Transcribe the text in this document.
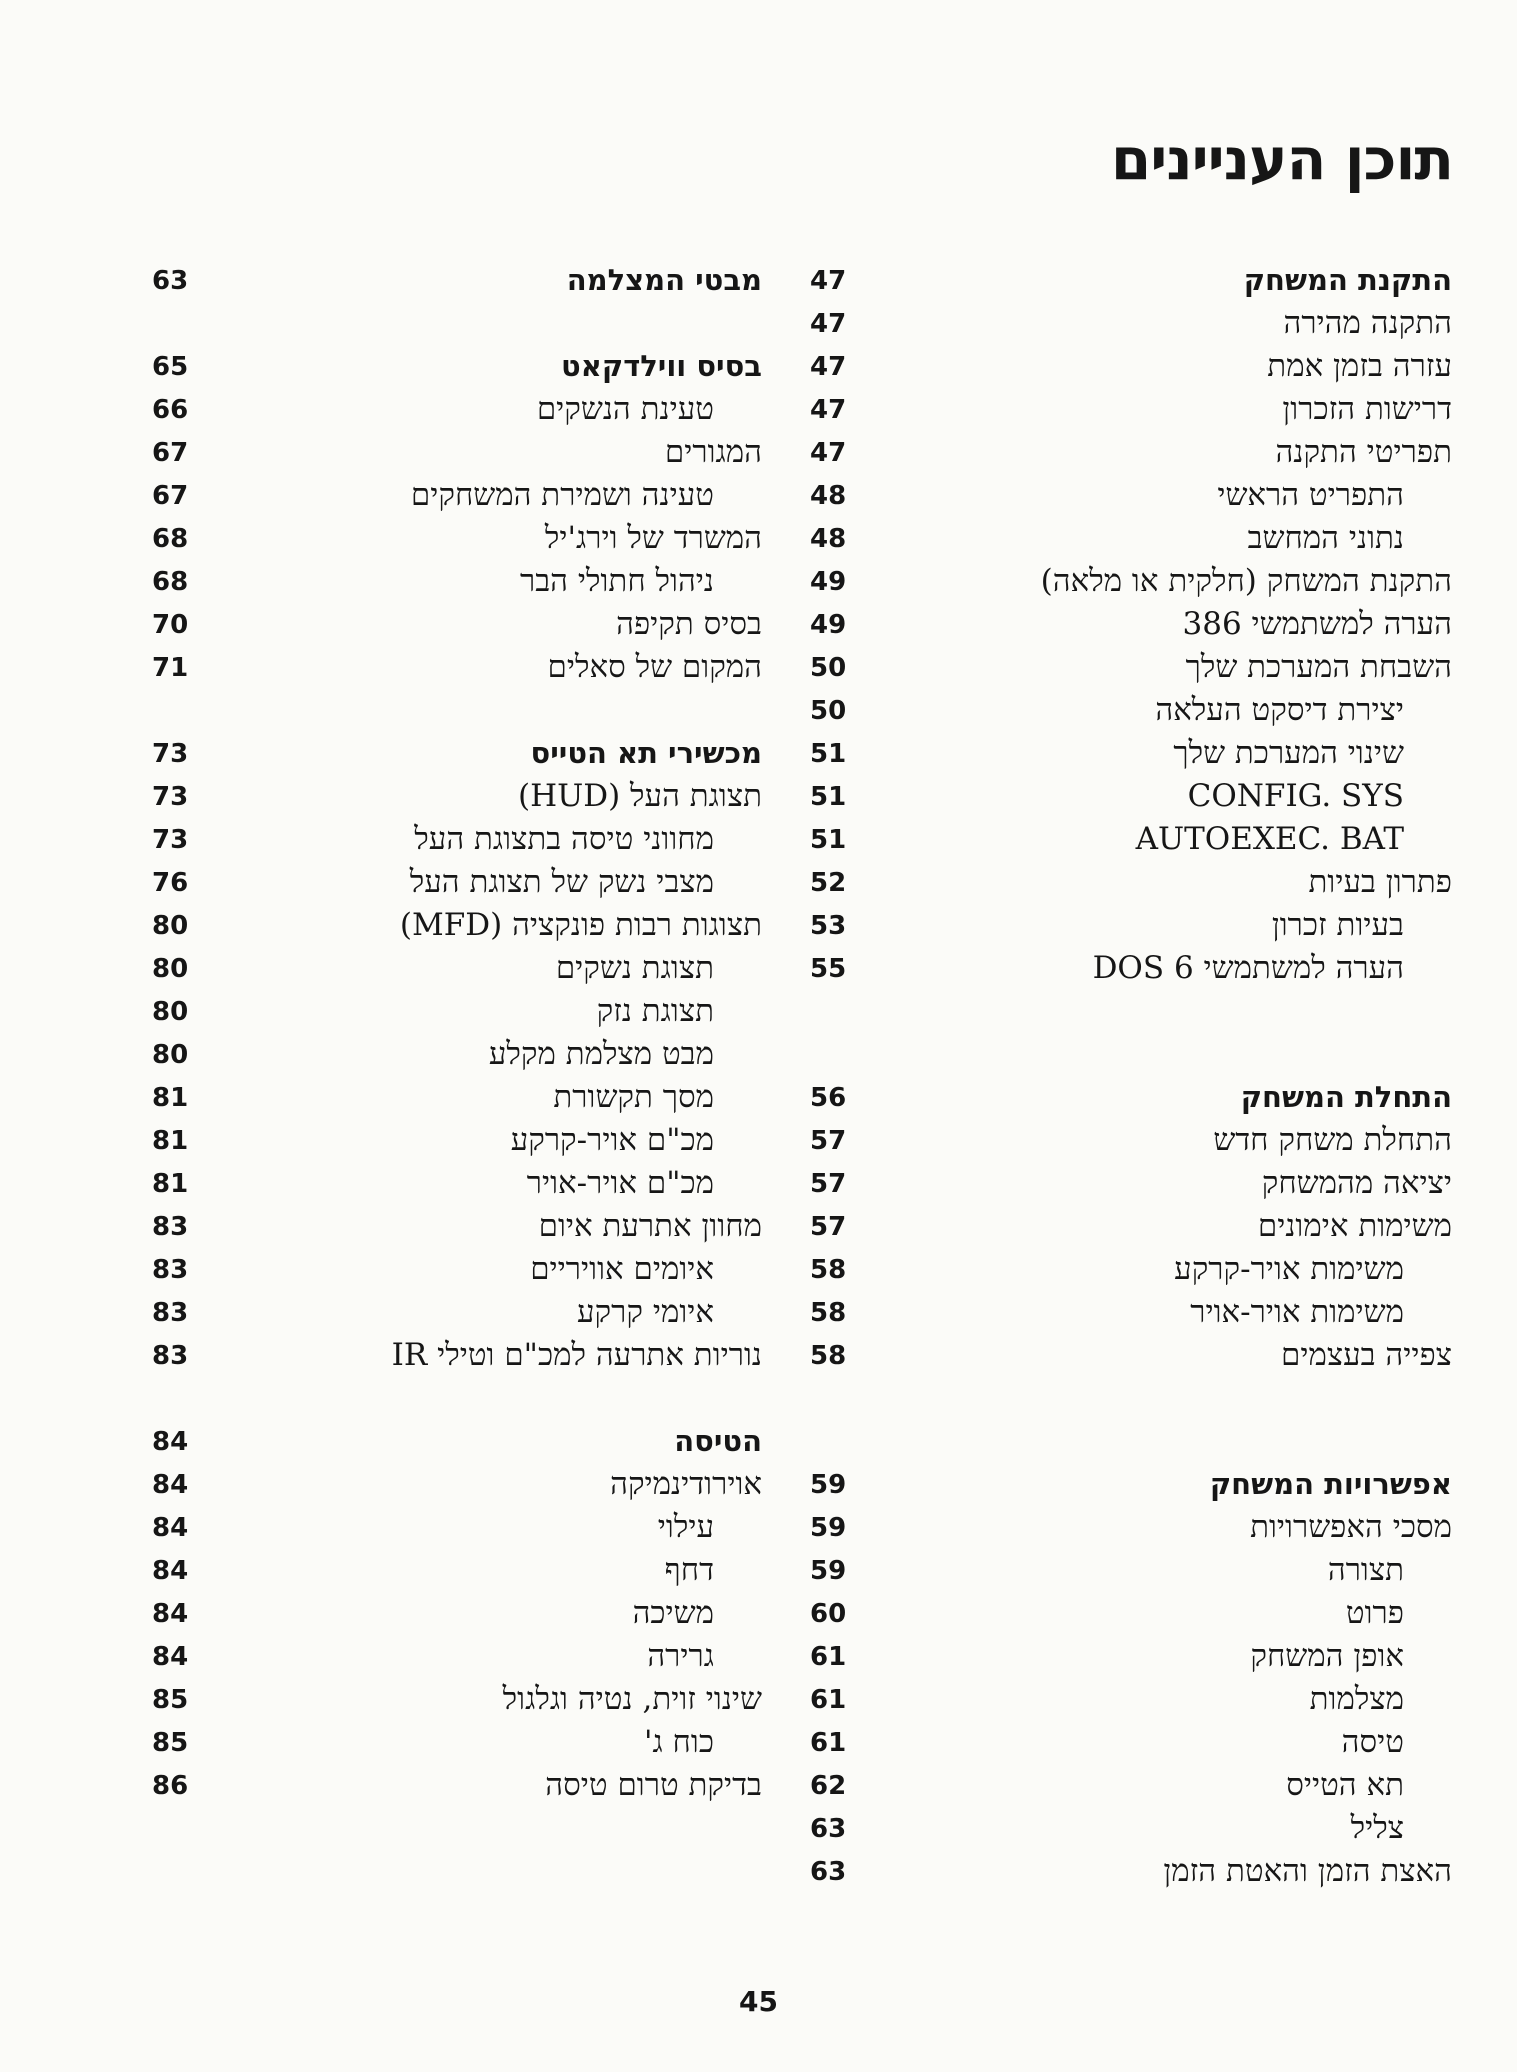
תוכן העניינים
התקנת המשחק
47
התקנה מהירה
47
עזרה בזמן אמת
47
דרישות הזכרון
47
תפריטי התקנה
47
התפריט הראשי
48
נתוני המחשב
48
התקנת המשחק (חלקית או מלאה)
49
הערה למשתמשי 386
49
השבחת המערכת שלך
50
יצירת דיסקט העלאה
50
שינוי המערכת שלך
51
CONFIG. SYS
51
AUTOEXEC. BAT
51
פתרון בעיות
52
בעיות זכרון
53
הערה למשתמשי DOS 6
55
התחלת המשחק
56
התחלת משחק חדש
57
יציאה מהמשחק
57
משימות אימונים
57
משימות אויר-קרקע
58
משימות אויר-אויר
58
צפייה בעצמים
58
אפשרויות המשחק
59
מסכי האפשרויות
59
תצורה
59
פרוט
60
אופן המשחק
61
מצלמות
61
טיסה
61
תא הטייס
62
צליל
63
האצת הזמן והאטת הזמן
63
מבטי המצלמה
63
בסיס ווילדקאט
65
טעינת הנשקים
66
המגורים
67
טעינה ושמירת המשחקים
67
המשרד של וירג'יל
68
ניהול חתולי הבר
68
בסיס תקיפה
70
המקום של סאלים
71
מכשירי תא הטייס
73
תצוגת העל (HUD)
73
מחווני טיסה בתצוגת העל
73
מצבי נשק של תצוגת העל
76
תצוגות רבות פונקציה (MFD)
80
תצוגת נשקים
80
תצוגת נזק
80
מבט מצלמת מקלע
80
מסך תקשורת
81
מכ"ם אויר-קרקע
81
מכ"ם אויר-אויר
81
מחוון אתרעת איום
83
איומים אוויריים
83
איומי קרקע
83
נוריות אתרעה למכ"ם וטילי IR
83
הטיסה
84
אוירודינמיקה
84
עילוי
84
דחף
84
משיכה
84
גרירה
84
שינוי זוית, נטיה וגלגול
85
כוח ג'
85
בדיקת טרום טיסה
86
45
